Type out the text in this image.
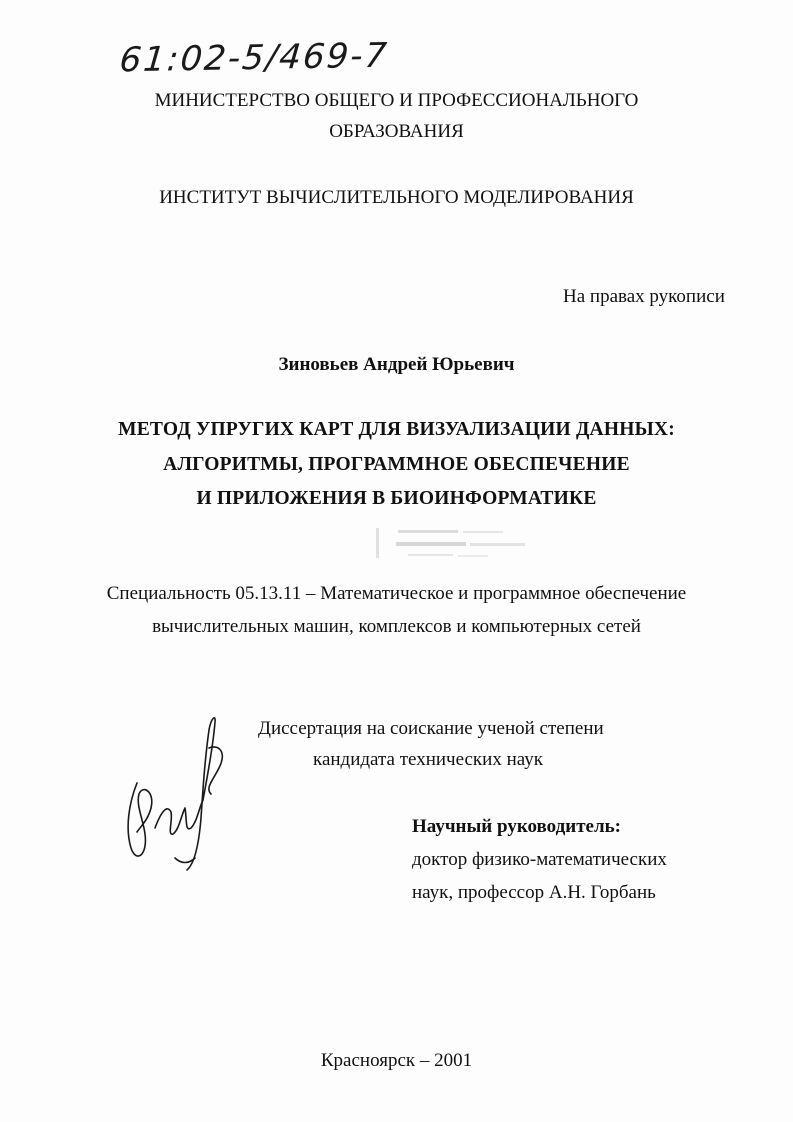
61:02-5/469-7
МИНИСТЕРСТВО ОБЩЕГО И ПРОФЕССИОНАЛЬНОГО
ОБРАЗОВАНИЯ
ИНСТИТУТ ВЫЧИСЛИТЕЛЬНОГО МОДЕЛИРОВАНИЯ
На правах рукописи
Зиновьев Андрей Юрьевич
МЕТОД УПРУГИХ КАРТ ДЛЯ ВИЗУАЛИЗАЦИИ ДАННЫХ:
АЛГОРИТМЫ, ПРОГРАММНОЕ ОБЕСПЕЧЕНИЕ
И ПРИЛОЖЕНИЯ В БИОИНФОРМАТИКЕ
Специальность 05.13.11 – Математическое и программное обеспечение
вычислительных машин, комплексов и компьютерных сетей
Диссертация на соискание ученой степени
кандидата технических наук
Научный руководитель:
доктор физико-математических
наук, профессор А.Н. Горбань
Красноярск – 2001
